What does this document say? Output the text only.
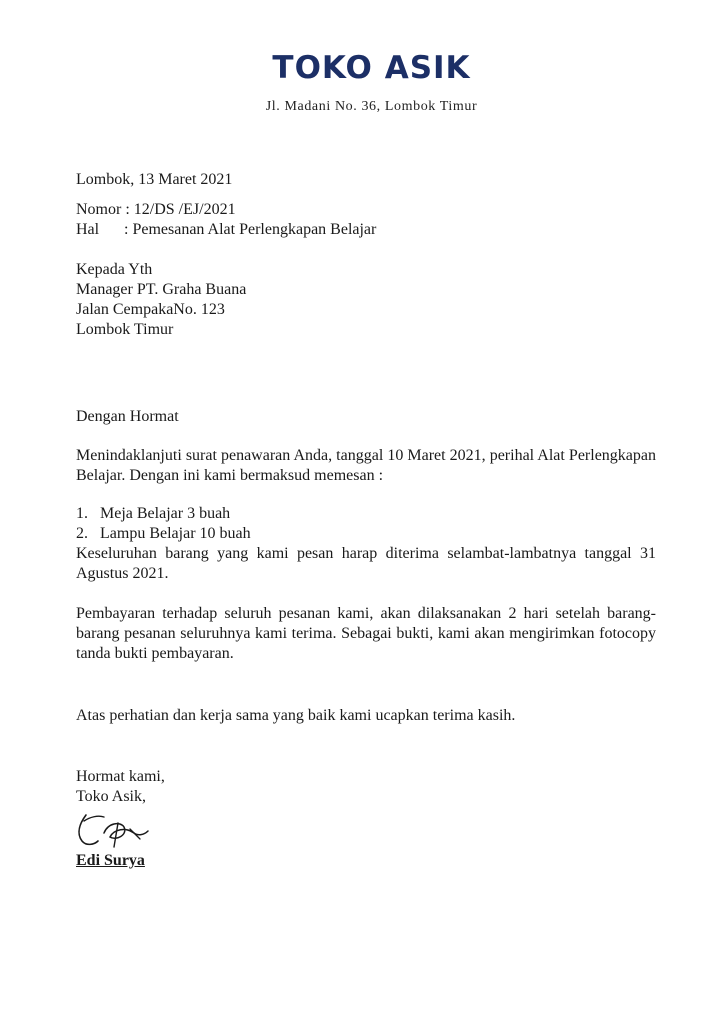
TOKO ASIK
Jl. Madani No. 36, Lombok Timur
Lombok, 13 Maret 2021
Nomor : 12/DS /EJ/2021
Hal	: Pemesanan Alat Perlengkapan Belajar
Kepada Yth
Manager PT. Graha Buana
Jalan CempakaNo. 123
Lombok Timur
Dengan Hormat
Menindaklanjuti surat penawaran Anda, tanggal 10 Maret 2021, perihal Alat Perlengkapan Belajar. Dengan ini kami bermaksud memesan :
1. Meja Belajar 3 buah
2. Lampu Belajar 10 buah
Keseluruhan barang yang kami pesan harap diterima selambat-lambatnya tanggal 31 Agustus 2021.
Pembayaran terhadap seluruh pesanan kami, akan dilaksanakan 2 hari setelah barang-barang pesanan seluruhnya kami terima. Sebagai bukti, kami akan mengirimkan fotocopy tanda bukti pembayaran.
Atas perhatian dan kerja sama yang baik kami ucapkan terima kasih.
Hormat kami,
Toko Asik,
Edi Surya
